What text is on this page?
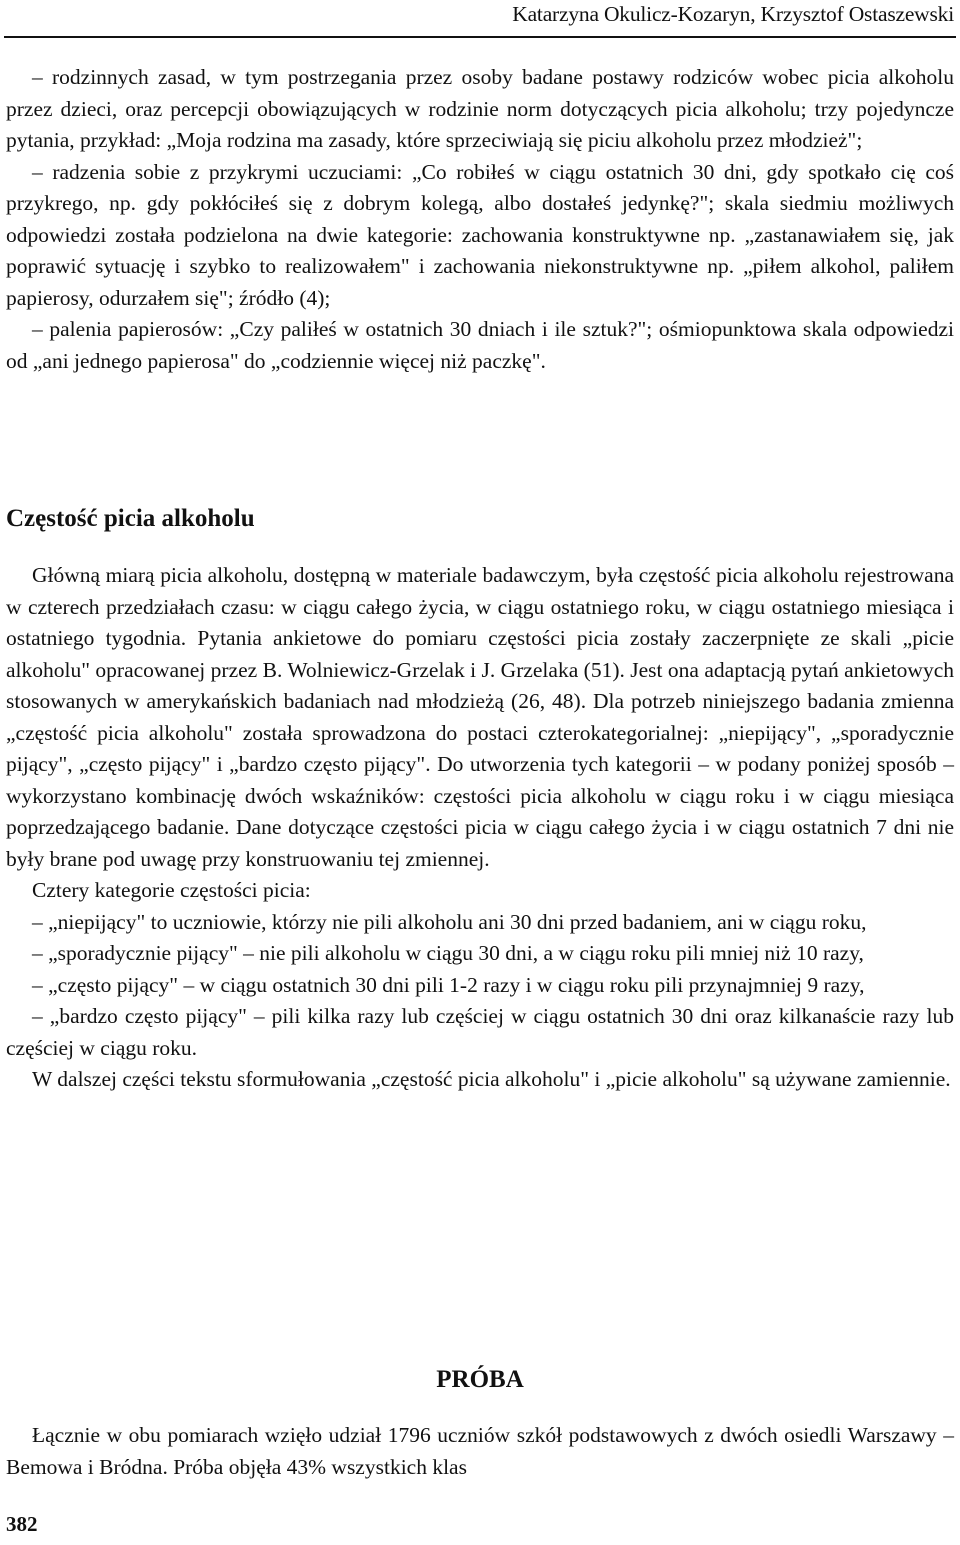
Katarzyna Okulicz-Kozaryn, Krzysztof Ostaszewski

– rodzinnych zasad, w tym postrzegania przez osoby badane postawy rodziców wobec picia alkoholu przez dzieci, oraz percepcji obowiązujących w rodzinie norm dotyczących picia alkoholu; trzy pojedyncze pytania, przykład: „Moja rodzina ma zasady, które sprzeciwiają się piciu alkoholu przez młodzież";

– radzenia sobie z przykrymi uczuciami: „Co robiłeś w ciągu ostatnich 30 dni, gdy spotkało cię coś przykrego, np. gdy pokłóciłeś się z dobrym kolegą, albo dostałeś jedynkę?"; skala siedmiu możliwych odpowiedzi została podzielona na dwie kategorie: zachowania konstruktywne np. „zastanawiałem się, jak poprawić sytuację i szybko to realizowałem" i zachowania niekonstruktywne np. „piłem alkohol, paliłem papierosy, odurzałem się"; źródło (4);

– palenia papierosów: „Czy paliłeś w ostatnich 30 dniach i ile sztuk?"; ośmiopunktowa skala odpowiedzi od „ani jednego papierosa" do „codziennie więcej niż paczkę".

Częstość picia alkoholu

Główną miarą picia alkoholu, dostępną w materiale badawczym, była częstość picia alkoholu rejestrowana w czterech przedziałach czasu: w ciągu całego życia, w ciągu ostatniego roku, w ciągu ostatniego miesiąca i ostatniego tygodnia. Pytania ankietowe do pomiaru częstości picia zostały zaczerpnięte ze skali „picie alkoholu" opracowanej przez B. Wolniewicz-Grzelak i J. Grzelaka (51). Jest ona adaptacją pytań ankietowych stosowanych w amerykańskich badaniach nad młodzieżą (26, 48). Dla potrzeb niniejszego badania zmienna „częstość picia alkoholu" została sprowadzona do postaci czterokategorialnej: „niepijący", „sporadycznie pijący", „często pijący" i „bardzo często pijący". Do utworzenia tych kategorii – w podany poniżej sposób – wykorzystano kombinację dwóch wskaźników: częstości picia alkoholu w ciągu roku i w ciągu miesiąca poprzedzającego badanie. Dane dotyczące częstości picia w ciągu całego życia i w ciągu ostatnich 7 dni nie były brane pod uwagę przy konstruowaniu tej zmiennej.

Cztery kategorie częstości picia:

– „niepijący" to uczniowie, którzy nie pili alkoholu ani 30 dni przed badaniem, ani w ciągu roku,

– „sporadycznie pijący" – nie pili alkoholu w ciągu 30 dni, a w ciągu roku pili mniej niż 10 razy,

– „często pijący" – w ciągu ostatnich 30 dni pili 1-2 razy i w ciągu roku pili przynajmniej 9 razy,

– „bardzo często pijący" – pili kilka razy lub częściej w ciągu ostatnich 30 dni oraz kilkanaście razy lub częściej w ciągu roku.

W dalszej części tekstu sformułowania „częstość picia alkoholu" i „picie alkoholu" są używane zamiennie.

PRÓBA

Łącznie w obu pomiarach wzięło udział 1796 uczniów szkół podstawowych z dwóch osiedli Warszawy – Bemowa i Bródna. Próba objęła 43% wszystkich klas

382
